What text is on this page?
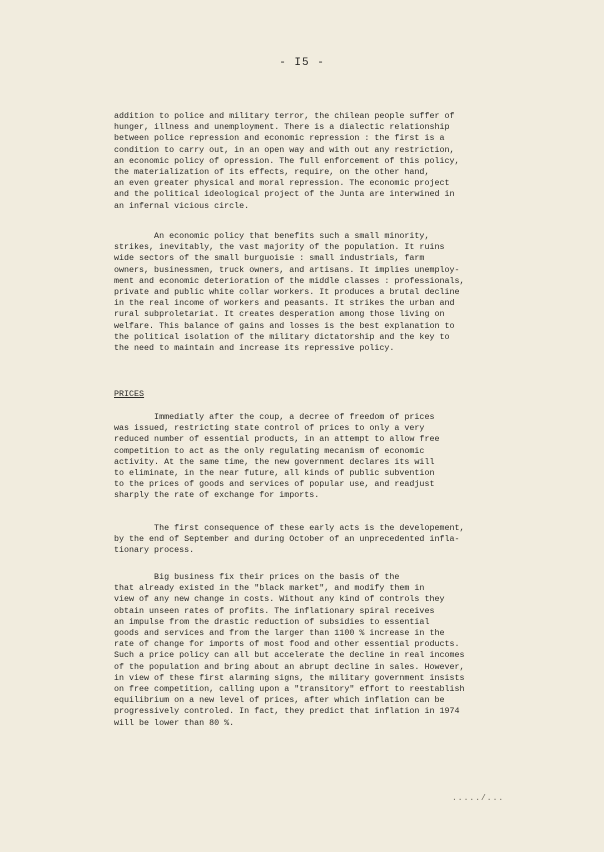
- I5 -
addition to police and military terror, the chilean people suffer of
hunger, illness and unemployment. There is a dialectic relationship
between police repression and economic repression : the first is a
condition to carry out, in an open way and with out any restriction,
an economic policy of opression. The full enforcement of this policy,
the materialization of its effects, require, on the other hand,
an even greater physical and moral repression. The economic project
and the political ideological project of the Junta are interwined in
an infernal vicious circle.
An economic policy that benefits such a small minority,
strikes, inevitably, the vast majority of the population. It ruins
wide sectors of the small burguoisie : small industrials, farm
owners, businessmen, truck owners, and artisans. It implies unemploy-
ment and economic deterioration of the middle classes : professionals,
private and public white collar workers. It produces a brutal decline
in the real income of workers and peasants. It strikes the urban and
rural subproletariat. It creates desperation among those living on
welfare. This balance of gains and losses is the best explanation to
the political isolation of the military dictatorship and the key to
the need to maintain and increase its repressive policy.
PRICES
Immediatly after the coup, a decree of freedom of prices
was issued, restricting state control of prices to only a very
reduced number of essential products, in an attempt to allow free
competition to act as the only regulating mecanism of economic
activity. At the same time, the new government declares its will
to eliminate, in the near future, all kinds of public subvention
to the prices of goods and services of popular use, and readjust
sharply the rate of exchange for imports.
The first consequence of these early acts is the developement,
by the end of September and during October of an unprecedented infla-
tionary process.
Big business fix their prices on the basis of the
that already existed in the "black market", and modify them in
view of any new change in costs. Without any kind of controls they
obtain unseen rates of profits. The inflationary spiral receives
an impulse from the drastic reduction of subsidies to essential
goods and services and from the larger than 1100 % increase in the
rate of change for imports of most food and other essential products.
Such a price policy can all but accelerate the decline in real incomes
of the population and bring about an abrupt decline in sales. However,
in view of these first alarming signs, the military government insists
on free competition, calling upon a "transitory" effort to reestablish
equilibrium on a new level of prices, after which inflation can be
progressively controled. In fact, they predict that inflation in 1974
will be lower than 80 %.
...../...
